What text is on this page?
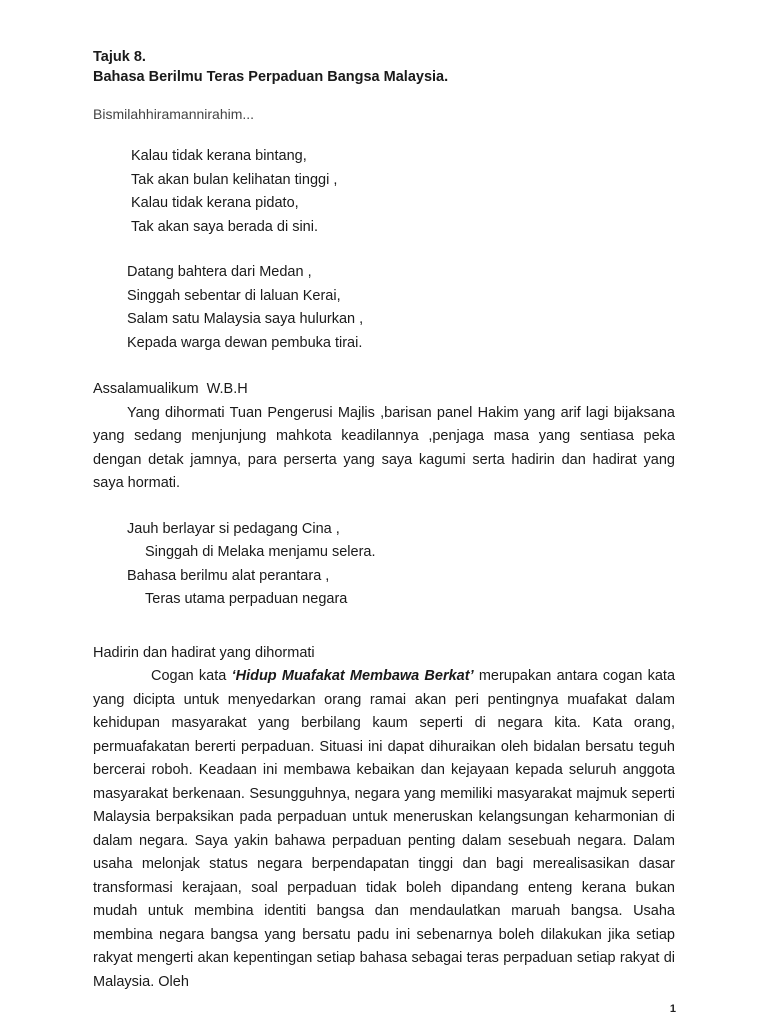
Tajuk 8.

Bahasa Berilmu Teras Perpaduan Bangsa Malaysia.

Bismilahhiramannirahim...
Kalau tidak kerana bintang,
Tak akan bulan kelihatan tinggi ,
Kalau tidak kerana pidato,
Tak akan saya berada di sini.
Datang bahtera dari Medan ,
Singgah sebentar di laluan Kerai,
Salam satu Malaysia saya hulurkan ,
Kepada warga dewan pembuka tirai.
Assalamualikum  W.B.H
Yang dihormati Tuan Pengerusi Majlis ,barisan panel Hakim yang arif lagi bijaksana yang sedang menjunjung mahkota keadilannya ,penjaga masa yang sentiasa peka dengan detak jamnya, para perserta yang saya kagumi serta hadirin dan hadirat yang saya hormati.
Jauh berlayar si pedagang Cina ,
Singgah di Melaka menjamu selera.
Bahasa berilmu alat perantara ,
Teras utama perpaduan negara
Hadirin dan hadirat yang dihormati
Cogan kata ‘Hidup Muafakat Membawa Berkat’ merupakan antara cogan kata yang dicipta untuk menyedarkan orang ramai akan peri pentingnya muafakat dalam kehidupan masyarakat yang berbilang kaum seperti di negara kita. Kata orang, permuafakatan bererti perpaduan. Situasi ini dapat dihuraikan oleh bidalan bersatu teguh bercerai roboh. Keadaan ini membawa kebaikan dan kejayaan kepada seluruh anggota masyarakat berkenaan. Sesungguhnya, negara yang memiliki masyarakat majmuk seperti Malaysia berpaksikan pada perpaduan untuk meneruskan kelangsungan keharmonian di dalam negara. Saya yakin bahawa perpaduan penting dalam sesebuah negara. Dalam usaha melonjak status negara berpendapatan tinggi dan bagi merealisasikan dasar transformasi kerajaan, soal perpaduan tidak boleh dipandang enteng kerana bukan mudah untuk membina identiti bangsa dan mendaulatkan maruah bangsa. Usaha membina negara bangsa yang bersatu padu ini sebenarnya boleh dilakukan jika setiap rakyat mengerti akan kepentingan setiap bahasa sebagai teras perpaduan setiap rakyat di Malaysia. Oleh
1
